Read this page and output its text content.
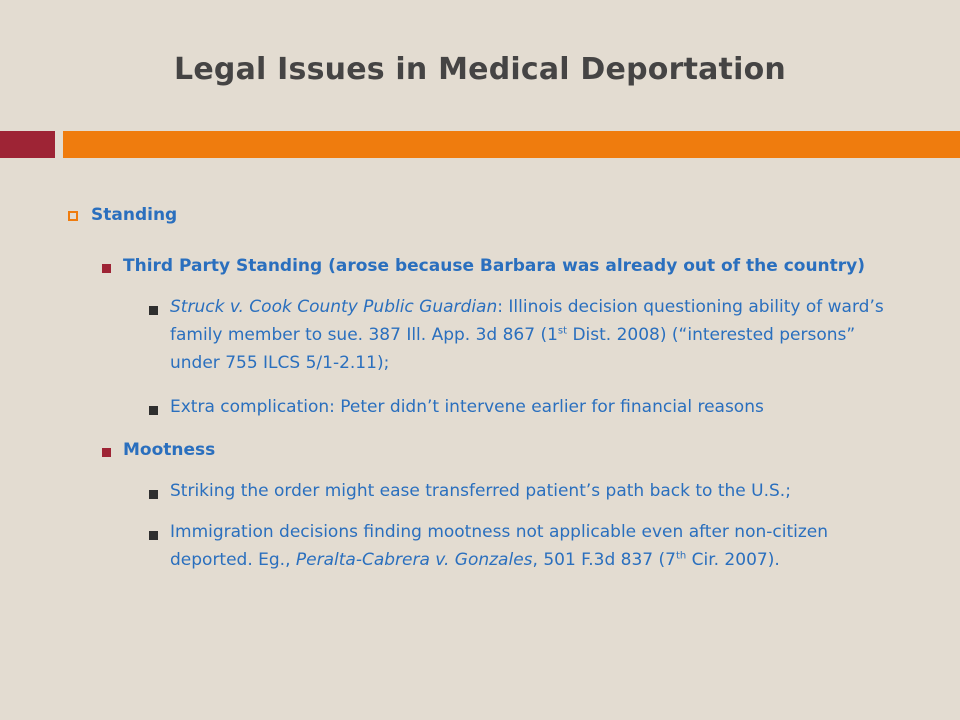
Legal Issues in Medical Deportation
Standing
Third Party Standing (arose because Barbara was already out of the country)
Struck v. Cook County Public Guardian: Illinois decision questioning ability of ward’s family member to sue. 387 Ill. App. 3d 867 (1st Dist. 2008) (“interested persons” under 755 ILCS 5/1-2.11);
Extra complication: Peter didn’t intervene earlier for financial reasons
Mootness
Striking the order might ease transferred patient’s path back to the U.S.;
Immigration decisions finding mootness not applicable even after non-citizen deported. Eg., Peralta-Cabrera v. Gonzales, 501 F.3d 837 (7th Cir. 2007).
